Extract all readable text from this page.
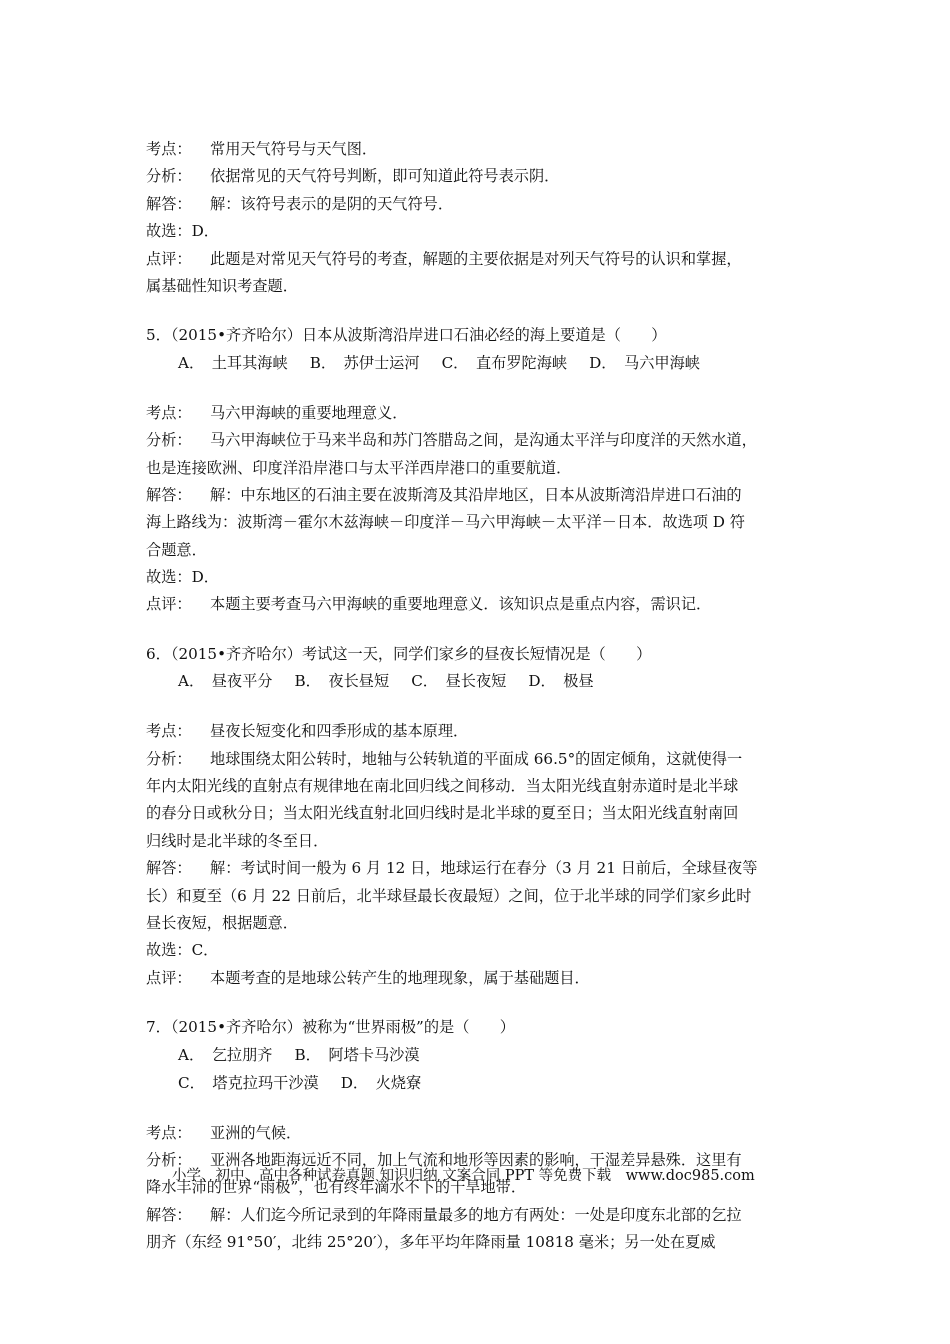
考点： 常用天气符号与天气图．

分析： 依据常见的天气符号判断，即可知道此符号表示阴．

解答： 解：该符号表示的是阴的天气符号．

故选：D．

点评： 此题是对常见天气符号的考查，解题的主要依据是对列天气符号的认识和掌握，

属基础性知识考查题．

5．（2015•齐齐哈尔）日本从波斯湾沿岸进口石油必经的海上要道是（　　）

A．　土耳其海峡 B．　苏伊士运河 C．　直布罗陀海峡 D．　马六甲海峡

考点： 马六甲海峡的重要地理意义．

分析： 马六甲海峡位于马来半岛和苏门答腊岛之间，是沟通太平洋与印度洋的天然水道，

也是连接欧洲、印度洋沿岸港口与太平洋西岸港口的重要航道．

解答： 解：中东地区的石油主要在波斯湾及其沿岸地区，日本从波斯湾沿岸进口石油的

海上路线为：波斯湾－霍尔木兹海峡－印度洋－马六甲海峡－太平洋－日本．故选项 D 符

合题意．

故选：D．

点评： 本题主要考查马六甲海峡的重要地理意义．该知识点是重点内容，需识记．

6．（2015•齐齐哈尔）考试这一天，同学们家乡的昼夜长短情况是（　　）

A．　昼夜平分 B．　夜长昼短 C．　昼长夜短 D．　极昼

考点： 昼夜长短变化和四季形成的基本原理．

分析： 地球围绕太阳公转时，地轴与公转轨道的平面成 66.5°的固定倾角，这就使得一

年内太阳光线的直射点有规律地在南北回归线之间移动．当太阳光线直射赤道时是北半球

的春分日或秋分日；当太阳光线直射北回归线时是北半球的夏至日；当太阳光线直射南回

归线时是北半球的冬至日．

解答： 解：考试时间一般为 6 月 12 日，地球运行在春分（3 月 21 日前后，全球昼夜等

长）和夏至（6 月 22 日前后，北半球昼最长夜最短）之间，位于北半球的同学们家乡此时

昼长夜短，根据题意．

故选：C．

点评： 本题考查的是地球公转产生的地理现象，属于基础题目．

7．（2015•齐齐哈尔）被称为“世界雨极”的是（　　）

A．　乞拉朋齐 B．　阿塔卡马沙漠

C．　塔克拉玛干沙漠 D．　火烧寮

考点： 亚洲的气候．

分析： 亚洲各地距海远近不同，加上气流和地形等因素的影响，干湿差异悬殊．这里有

降水丰沛的世界“雨极”，也有终年滴水不下的干旱地带．

解答： 解：人们迄今所记录到的年降雨量最多的地方有两处：一处是印度东北部的乞拉

朋齐（东经 91°50′，北纬 25°20′），多年平均年降雨量 10818 毫米；另一处在夏威

小学、初中、高中各种试卷真题 知识归纳 文案合同 PPT 等免费下载　www.doc985.com
